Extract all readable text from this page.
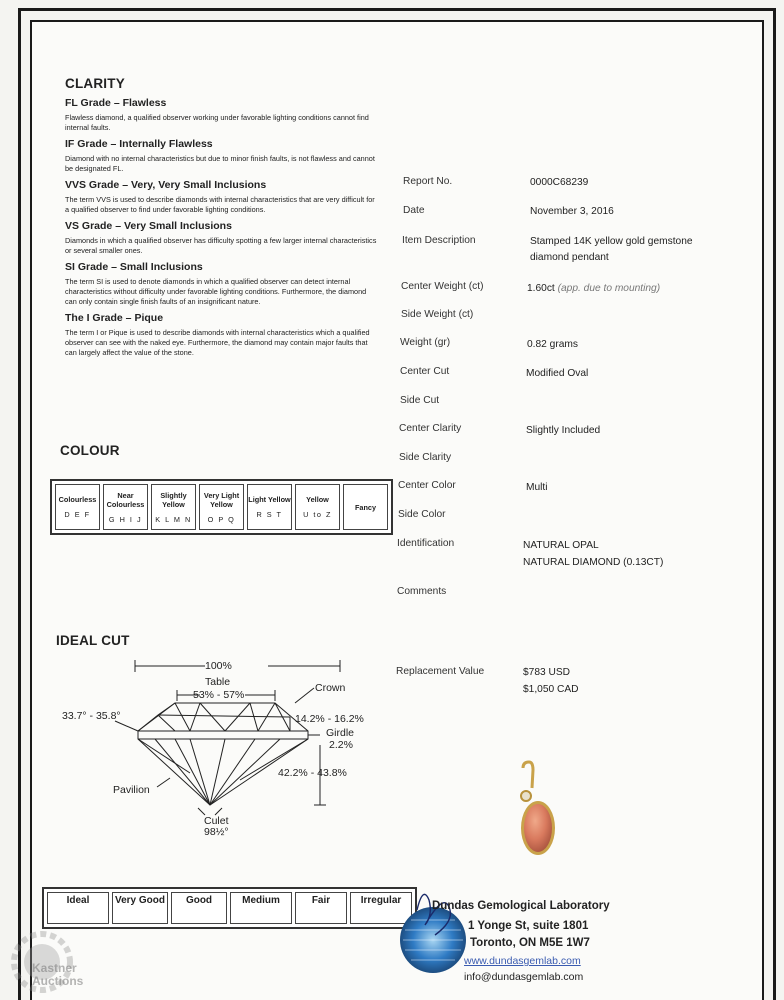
CLARITY
FL Grade – Flawless

Flawless diamond, a qualified observer working under favorable lighting conditions cannot find internal faults.

IF Grade – Internally Flawless

Diamond with no internal characteristics but due to minor finish faults, is not flawless and cannot be designated FL.

VVS Grade – Very, Very Small Inclusions

The term VVS is used to describe diamonds with internal characteristics that are very difficult for a qualified observer to find under favorable lighting conditions.

VS Grade – Very Small Inclusions

Diamonds in which a qualified observer has difficulty spotting a few larger internal characteristics or several smaller ones.

SI Grade – Small Inclusions

The term SI is used to denote diamonds in which a qualified observer can detect internal characteristics without difficulty under favorable lighting conditions. Furthermore, the diamond can only contain single finish faults of an insignificant nature.

The I Grade – Pique

The term I or Pique is used to describe diamonds with internal characteristics which a qualified observer can see with the naked eye. Furthermore, the diamond may contain major faults that can largely affect the value of the stone.

COLOUR
Colourless
D E F
	Near Colourless
G H I J
	Slightly Yellow
K L M N
	Very Light Yellow
O P Q
	Light Yellow
R S T
	Yellow
U to Z
	Fancy
IDEAL CUT
100%
Table
53% - 57%
Crown
33.7° - 35.8°	14.2% - 16.2%
Girdle
2.2%
42.2% - 43.8%
Pavilion
Culet
98½°
Ideal	Very Good	Good	Medium	Fair	Irregular
Report No.	0000C68239
Date	November 3, 2016
Item Description	Stamped 14K yellow gold gemstone diamond pendant
Center Weight (ct)	1.60ct (app. due to mounting)
Side Weight (ct)
Weight (gr)	0.82 grams
Center Cut	Modified Oval
Side Cut
Center Clarity	Slightly Included
Side Clarity
Center Color	Multi
Side Color
Identification	NATURAL OPAL
NATURAL DIAMOND (0.13CT)
Comments
Replacement Value	$783 USD
$1,050 CAD
Dundas Gemological Laboratory
1 Yonge St, suite 1801
Toronto, ON M5E 1W7
www.dundasgemlab.com
info@dundasgemlab.com
Kastner Auctions
